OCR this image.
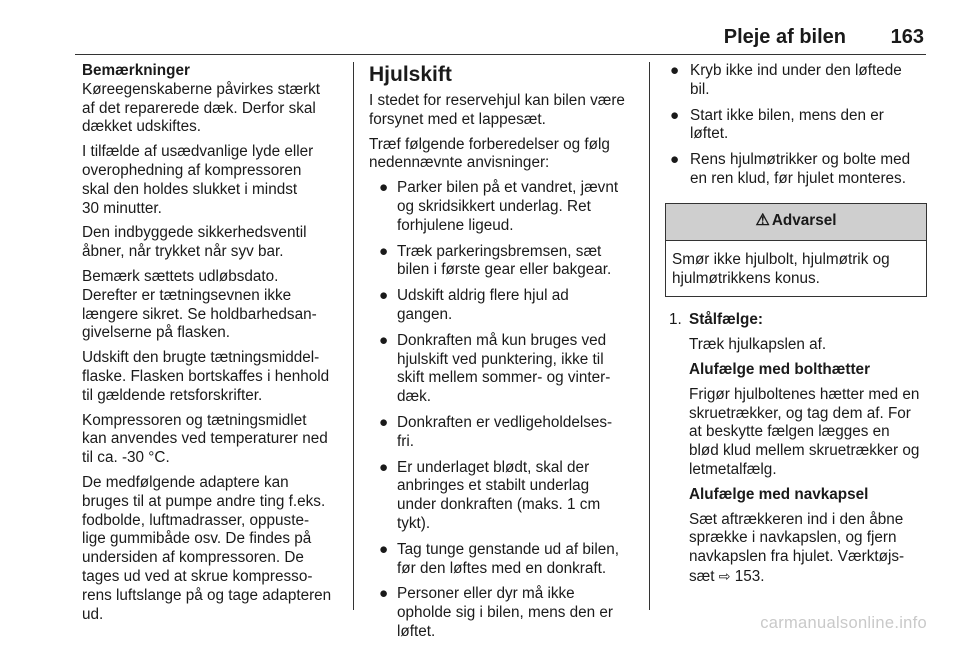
Pleje af bilen 163

Bemærkninger

Køreegenskaberne påvirkes stærkt
af det reparerede dæk. Derfor skal
dækket udskiftes.

I tilfælde af usædvanlige lyde eller
overophedning af kompressoren
skal den holdes slukket i mindst
30 minutter.

Den indbyggede sikkerhedsventil
åbner, når trykket når syv bar.

Bemærk sættets udløbsdato.
Derefter er tætningsevnen ikke
længere sikret. Se holdbarhedsan-
givelserne på flasken.

Udskift den brugte tætningsmiddel-
flaske. Flasken bortskaffes i henhold
til gældende retsforskrifter.

Kompressoren og tætningsmidlet
kan anvendes ved temperaturer ned
til ca. -30 °C.

De medfølgende adaptere kan
bruges til at pumpe andre ting f.eks.
fodbolde, luftmadrasser, oppuste-
lige gummibåde osv. De findes på
undersiden af kompressoren. De
tages ud ved at skrue kompresso-
rens luftslange på og tage adapteren
ud.

Hjulskift

I stedet for reservehjul kan bilen være
forsynet med et lappesæt.

Træf følgende forberedelser og følg
nedennævnte anvisninger:

● Parker bilen på et vandret, jævnt
og skridsikkert underlag. Ret
forhjulene ligeud.
● Træk parkeringsbremsen, sæt
bilen i første gear eller bakgear.
● Udskift aldrig flere hjul ad
gangen.
● Donkraften må kun bruges ved
hjulskift ved punktering, ikke til
skift mellem sommer- og vinter-
dæk.
● Donkraften er vedligeholdelses-
fri.
● Er underlaget blødt, skal der
anbringes et stabilt underlag
under donkraften (maks. 1 cm
tykt).
● Tag tunge genstande ud af bilen,
før den løftes med en donkraft.
● Personer eller dyr må ikke
opholde sig i bilen, mens den er
løftet.
● Kryb ikke ind under den løftede
bil.
● Start ikke bilen, mens den er
løftet.
● Rens hjulmøtrikker og bolte med
en ren klud, før hjulet monteres.
⚠ Advarsel
Smør ikke hjulbolt, hjulmøtrik og
hjulmøtrikkens konus.
1. Stålfælge:

Træk hjulkapslen af.

Alufælge med bolthætter

Frigør hjulboltenes hætter med en
skruetrækker, og tag dem af. For
at beskytte fælgen lægges en
blød klud mellem skruetrækker og
letmetalfælg.

Alufælge med navkapsel

Sæt aftrækkeren ind i den åbne
sprække i navkapslen, og fjern
navkapslen fra hjulet. Værktøjs-
sæt ⇨ 153.

carmanualsonline.info
